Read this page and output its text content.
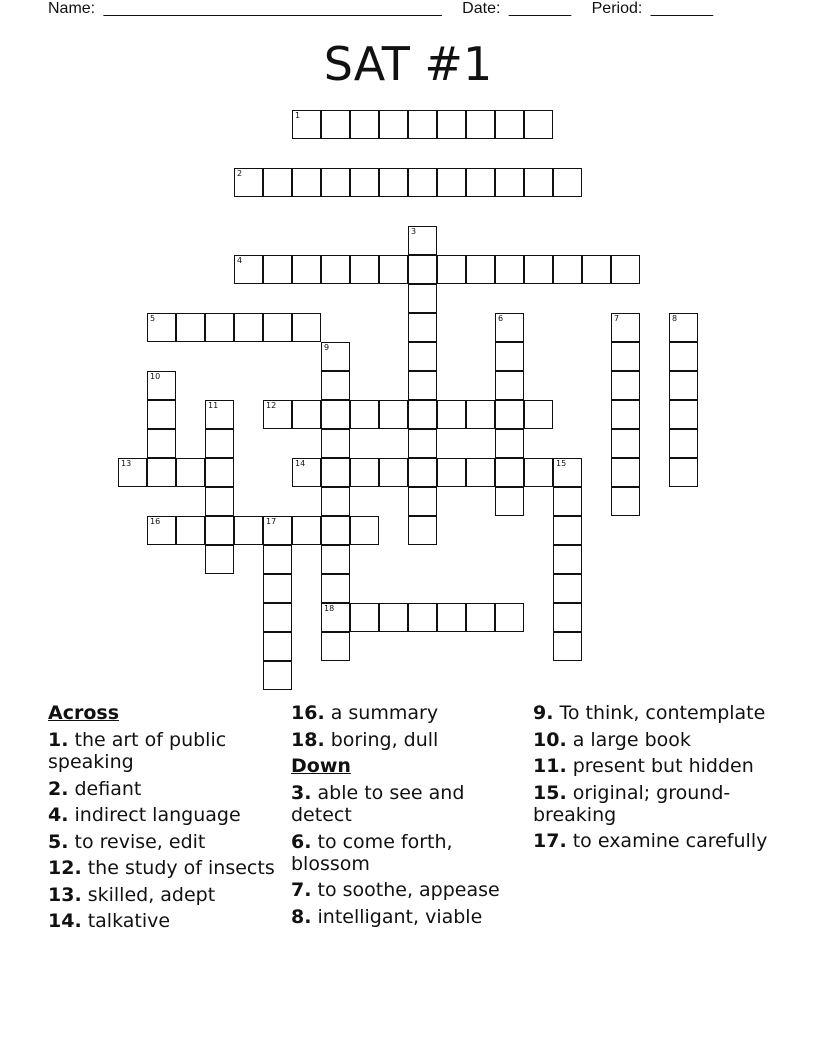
Name: ______________________________________ Date: _______ Period: _______
SAT #1
1
2
3
4
5	6	7	8
9
18
10
11	12
13	14	15
16	17
Across
1. the art of public speaking
2. defiant
4. indirect language
5. to revise, edit
12. the study of insects
13. skilled, adept
14. talkative
16. a summary
18. boring, dull
Down
3. able to see and detect
6. to come forth, blossom
7. to soothe, appease
8. intelligant, viable
9. To think, contemplate
10. a large book
11. present but hidden
15. original; ground-breaking
17. to examine carefully
